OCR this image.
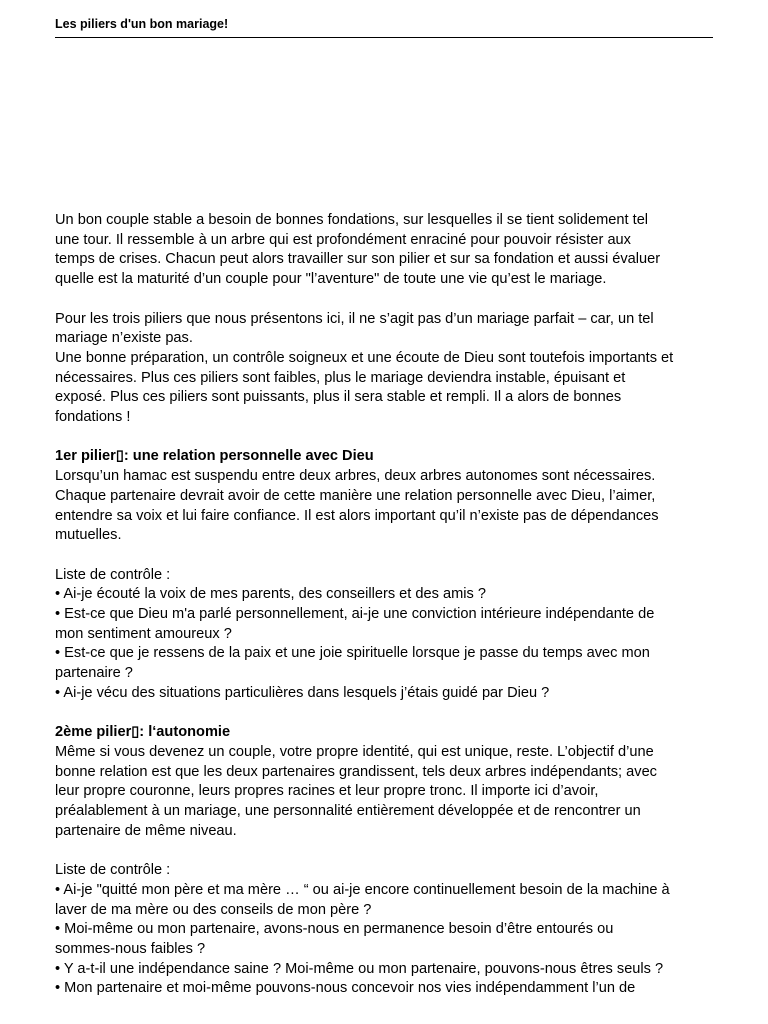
Les piliers d'un bon mariage!
Un bon couple stable a besoin de bonnes fondations, sur lesquelles il se tient solidement tel
une tour. Il ressemble à un arbre qui est profondément enraciné pour pouvoir résister aux
temps de crises. Chacun peut alors travailler sur son pilier et sur sa fondation et aussi évaluer
quelle est la maturité d’un couple pour "l’aventure" de toute une vie qu’est le mariage.
Pour les trois piliers que nous présentons ici, il ne s’agit pas d’un mariage parfait – car, un tel
mariage n’existe pas.
Une bonne préparation, un contrôle soigneux et une écoute de Dieu sont toutefois importants et
nécessaires. Plus ces piliers sont faibles, plus le mariage deviendra instable, épuisant et
exposé. Plus ces piliers sont puissants, plus il sera stable et rempli. Il a alors de bonnes
fondations !
1er pilier▯: une relation personnelle avec Dieu
Lorsqu’un hamac est suspendu entre deux arbres, deux arbres autonomes sont nécessaires.
Chaque partenaire devrait avoir de cette manière une relation personnelle avec Dieu, l’aimer,
entendre sa voix et lui faire confiance. Il est alors important qu’il n’existe pas de dépendances
mutuelles.
Liste de contrôle :
• Ai-je écouté la voix de mes parents, des conseillers et des amis ?
• Est-ce que Dieu m'a parlé personnellement, ai-je une conviction intérieure indépendante de
mon sentiment amoureux ?
• Est-ce que je ressens de la paix et une joie spirituelle lorsque je passe du temps avec mon
partenaire ?
• Ai-je vécu des situations particulières dans lesquels j’étais guidé par Dieu ?
2ème pilier▯: l‘autonomie
Même si vous devenez un couple, votre propre identité, qui est unique, reste. L’objectif d’une
bonne relation est que les deux partenaires grandissent, tels deux arbres indépendants; avec
leur propre couronne, leurs propres racines et leur propre tronc. Il importe ici d’avoir,
préalablement à un mariage, une personnalité entièrement développée et de rencontrer un
partenaire de même niveau.
Liste de contrôle :
• Ai-je "quitté mon père et ma mère … “ ou ai-je encore continuellement besoin de la machine à
laver de ma mère ou des conseils de mon père ?
• Moi-même ou mon partenaire, avons-nous en permanence besoin d’être entourés ou
sommes-nous faibles ?
• Y a-t-il une indépendance saine ? Moi-même ou mon partenaire, pouvons-nous êtres seuls ?
• Mon partenaire et moi-même pouvons-nous concevoir nos vies indépendamment l’un de
